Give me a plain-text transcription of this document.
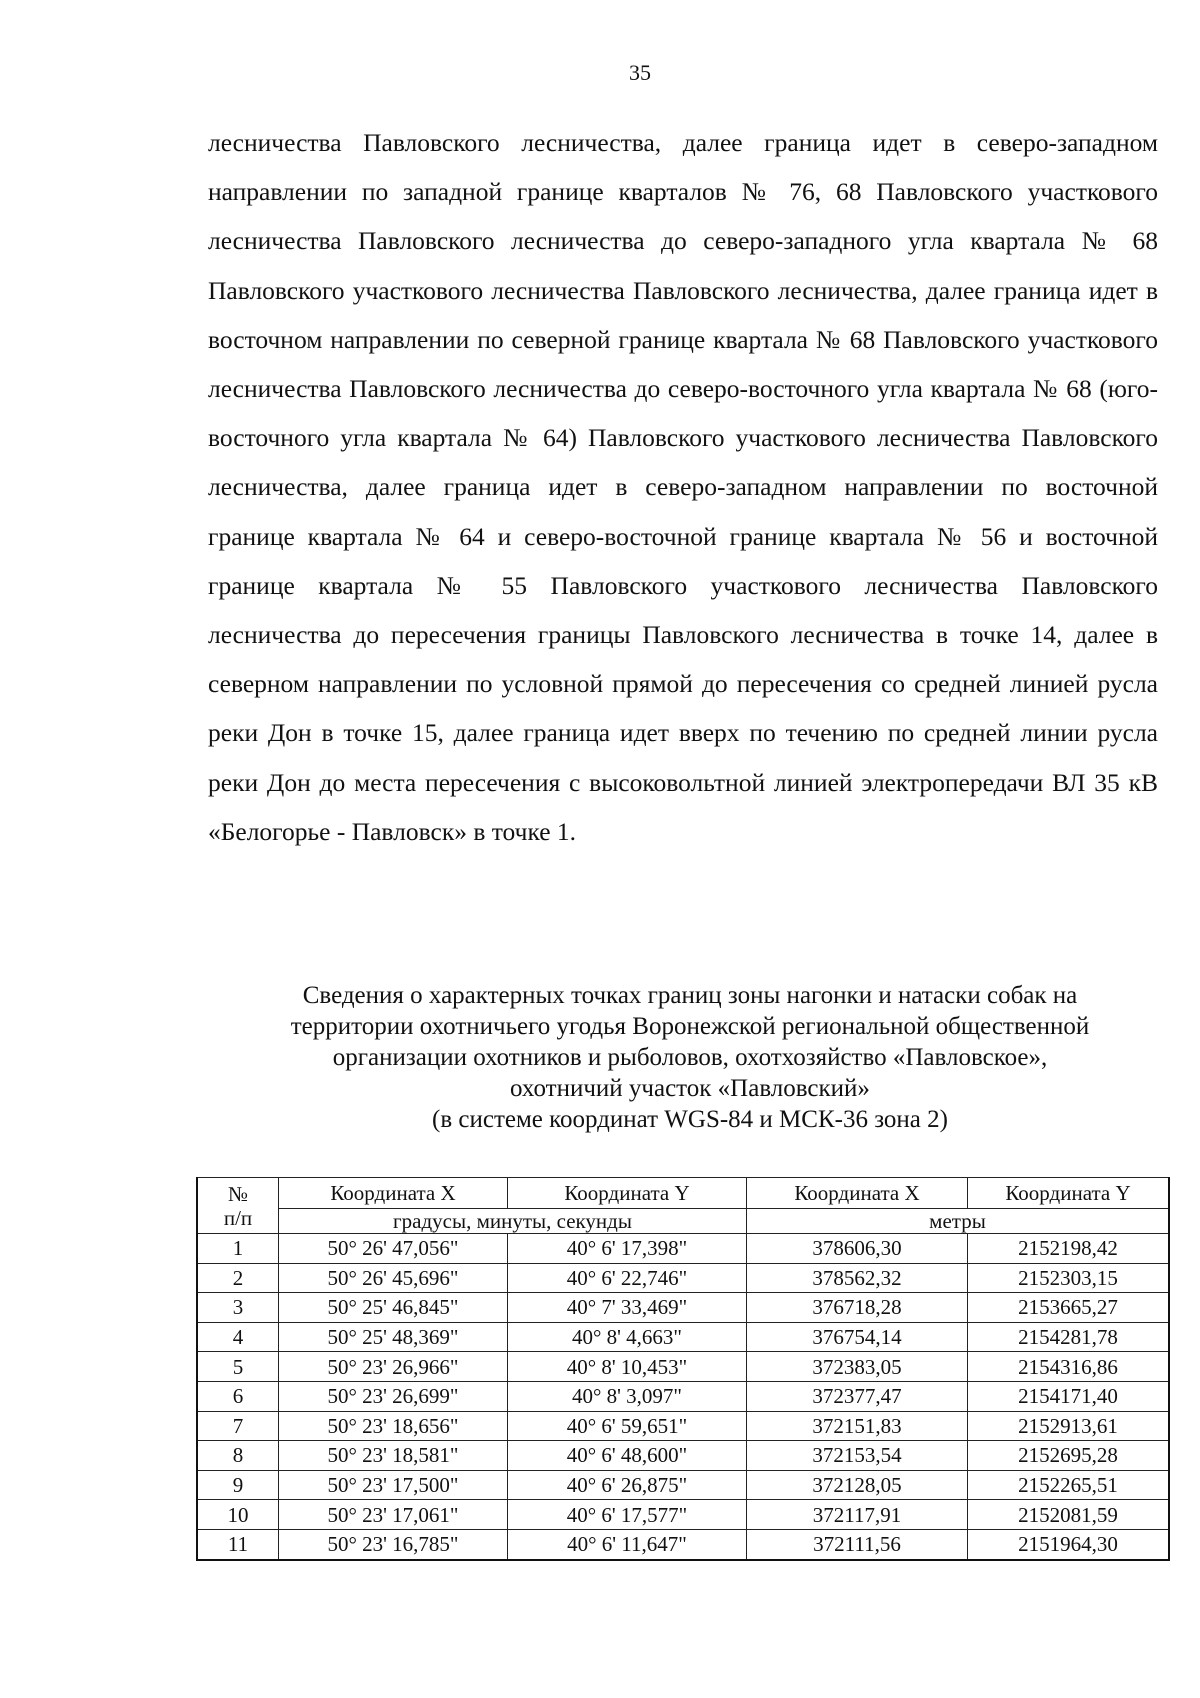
35

лесничества Павловского лесничества, далее граница идет в северо-западном направлении по западной границе кварталов № 76, 68 Павловского участкового лесничества Павловского лесничества до северо-западного угла квартала № 68 Павловского участкового лесничества Павловского лесничества, далее граница идет в восточном направлении по северной границе квартала № 68 Павловского участкового лесничества Павловского лесничества до северо-восточного угла квартала № 68 (юго-восточного угла квартала № 64) Павловского участкового лесничества Павловского лесничества, далее граница идет в северо-западном направлении по восточной границе квартала № 64 и северо-восточной границе квартала № 56 и восточной границе квартала № 55 Павловского участкового лесничества Павловского лесничества до пересечения границы Павловского лесничества в точке 14, далее в северном направлении по условной прямой до пересечения со средней линией русла реки Дон в точке 15, далее граница идет вверх по течению по средней линии русла реки Дон до места пересечения с высоковольтной линией электропередачи ВЛ 35 кВ «Белогорье - Павловск» в точке 1.

Сведения о характерных точках границ зоны нагонки и натаски собак на
территории охотничьего угодья Воронежской региональной общественной
организации охотников и рыболовов, охотхозяйство «Павловское»,
охотничий участок «Павловский»
(в системе координат WGS-84 и МСК-36 зона 2)
№
п/п	Координата X	Координата Y	Координата X	Координата Y
	градусы, минуты, секунды		метры	
1	50° 26' 47,056"	40° 6' 17,398"	378606,30	2152198,42
2	50° 26' 45,696"	40° 6' 22,746"	378562,32	2152303,15
3	50° 25' 46,845"	40° 7' 33,469"	376718,28	2153665,27
4	50° 25' 48,369"	40° 8' 4,663"	376754,14	2154281,78
5	50° 23' 26,966"	40° 8' 10,453"	372383,05	2154316,86
6	50° 23' 26,699"	40° 8' 3,097"	372377,47	2154171,40
7	50° 23' 18,656"	40° 6' 59,651"	372151,83	2152913,61
8	50° 23' 18,581"	40° 6' 48,600"	372153,54	2152695,28
9	50° 23' 17,500"	40° 6' 26,875"	372128,05	2152265,51
10	50° 23' 17,061"	40° 6' 17,577"	372117,91	2152081,59
11	50° 23' 16,785"	40° 6' 11,647"	372111,56	2151964,30
